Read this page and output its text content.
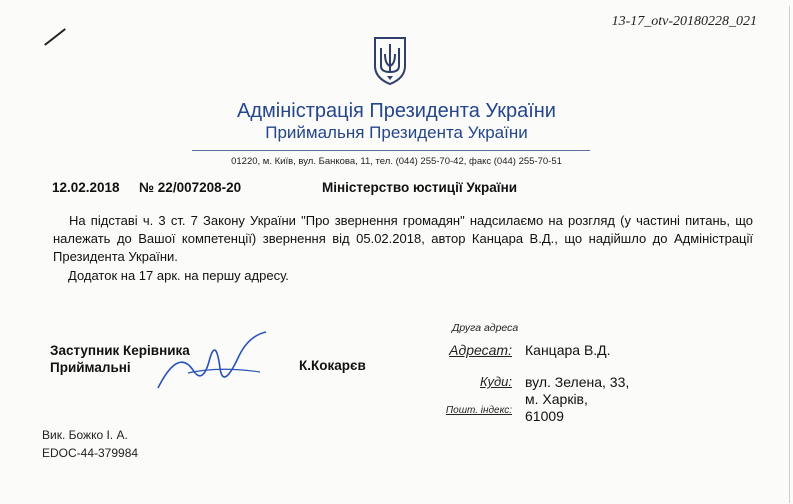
13-17_otv-20180228_021
Адміністрація Президента України
Приймальня Президента України
01220, м. Київ, вул. Банкова, 11, тел. (044) 255-70-42, факс (044) 255-70-51
12.02.2018 № 22/007208-20	Міністерство юстиції України

На підставі ч. 3 ст. 7 Закону України "Про звернення громадян" надсилаємо на розгляд (у частині питань, що належать до Вашої компетенції) звернення від 05.02.2018, автор Канцара В.Д., що надійшло до Адміністрації Президента України.

Додаток на 17 арк. на першу адресу.
Заступник Керівника Приймальні	К.Кокарєв
Вик. Божко І. А.
EDOC-44-379984
Друга адреса
Адресат: Канцара В.Д.
Куди: вул. Зелена, 33,
м. Харків,
Пошт. індекс: 61009
